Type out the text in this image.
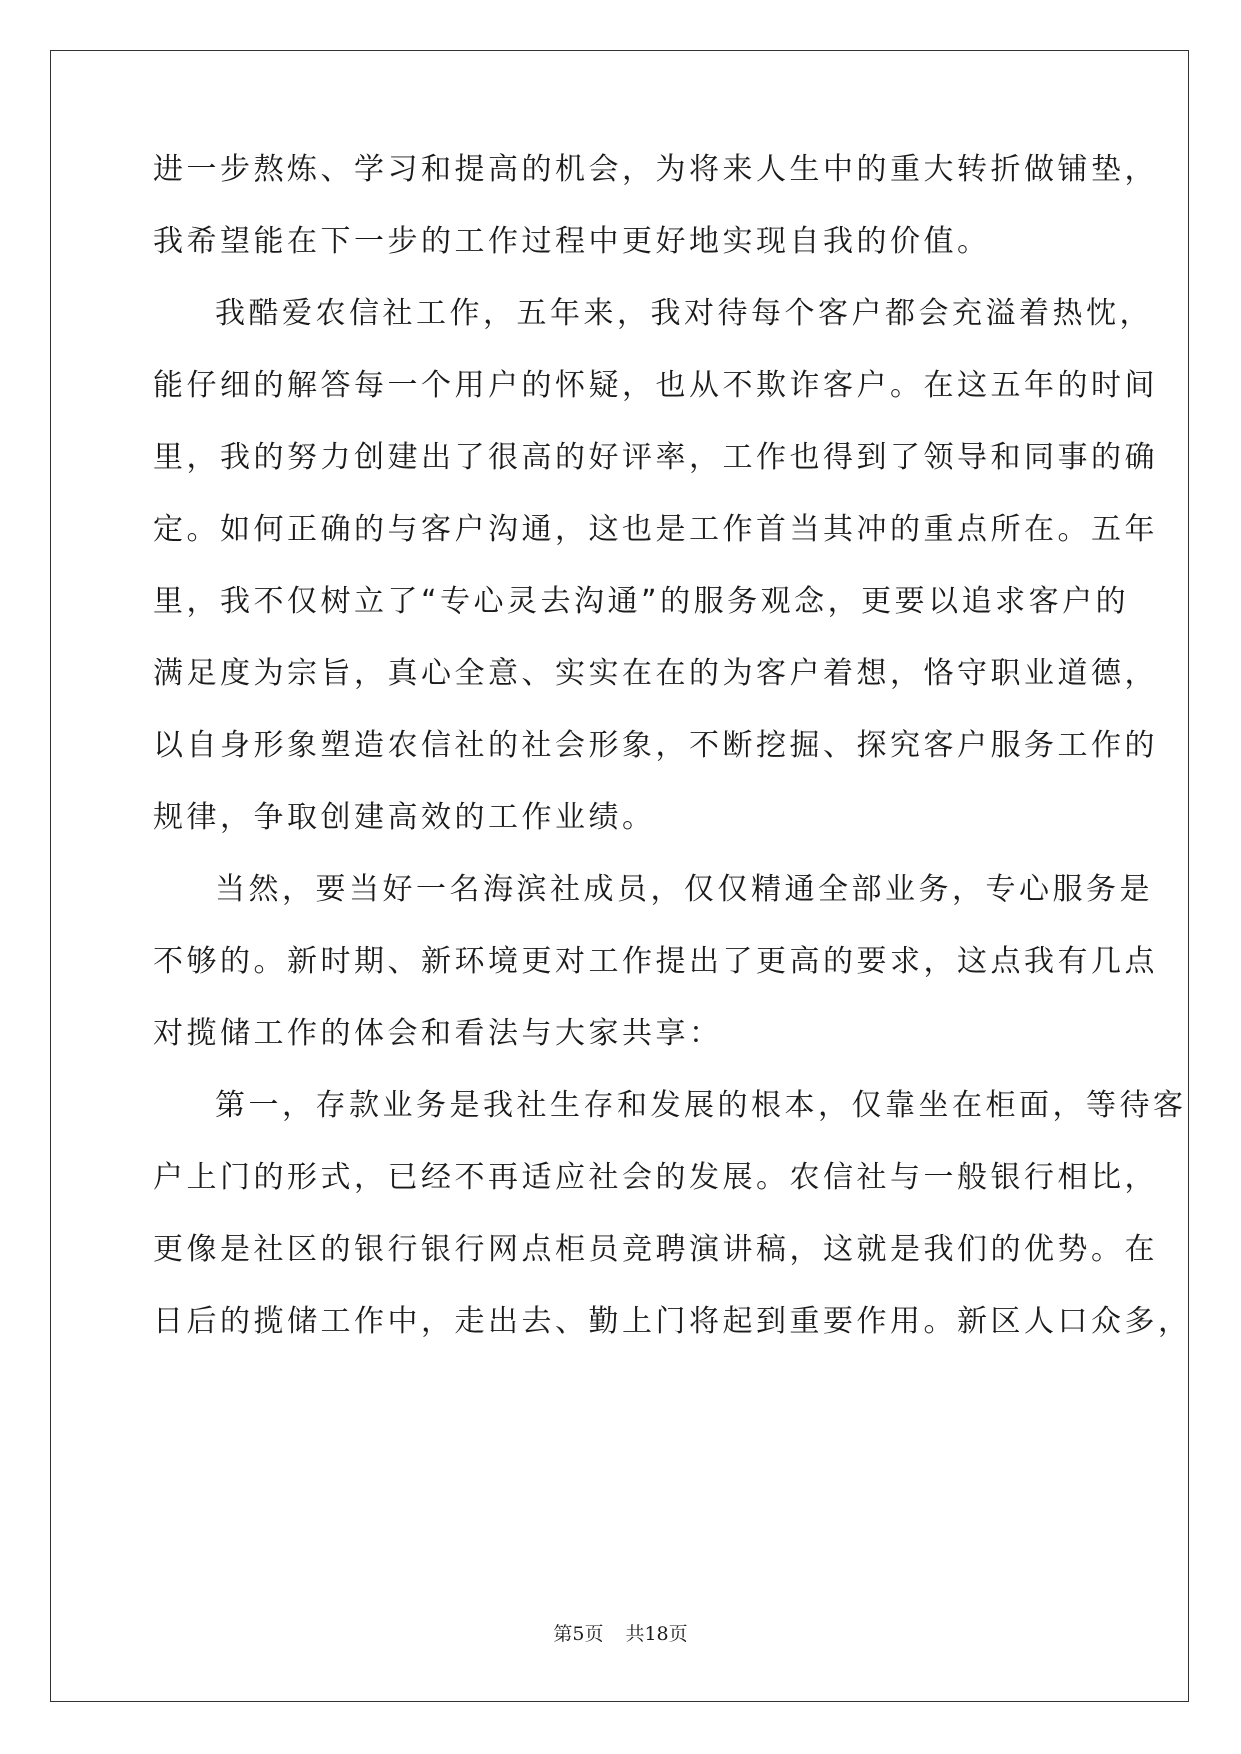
进一步熬炼、学习和提高的机会，为将来人生中的重大转折做铺垫，
我希望能在下一步的工作过程中更好地实现自我的价值。
我酷爱农信社工作，五年来，我对待每个客户都会充溢着热忱，
能仔细的解答每一个用户的怀疑，也从不欺诈客户。在这五年的时间
里，我的努力创建出了很高的好评率，工作也得到了领导和同事的确
定。如何正确的与客户沟通，这也是工作首当其冲的重点所在。五年
里，我不仅树立了“专心灵去沟通”的服务观念，更要以追求客户的
满足度为宗旨，真心全意、实实在在的为客户着想，恪守职业道德，
以自身形象塑造农信社的社会形象，不断挖掘、探究客户服务工作的
规律，争取创建高效的工作业绩。
当然，要当好一名海滨社成员，仅仅精通全部业务，专心服务是
不够的。新时期、新环境更对工作提出了更高的要求，这点我有几点
对揽储工作的体会和看法与大家共享：
第一，存款业务是我社生存和发展的根本，仅靠坐在柜面，等待客
户上门的形式，已经不再适应社会的发展。农信社与一般银行相比，
更像是社区的银行银行网点柜员竞聘演讲稿，这就是我们的优势。在
日后的揽储工作中，走出去、勤上门将起到重要作用。新区人口众多，
第5页 共18页
